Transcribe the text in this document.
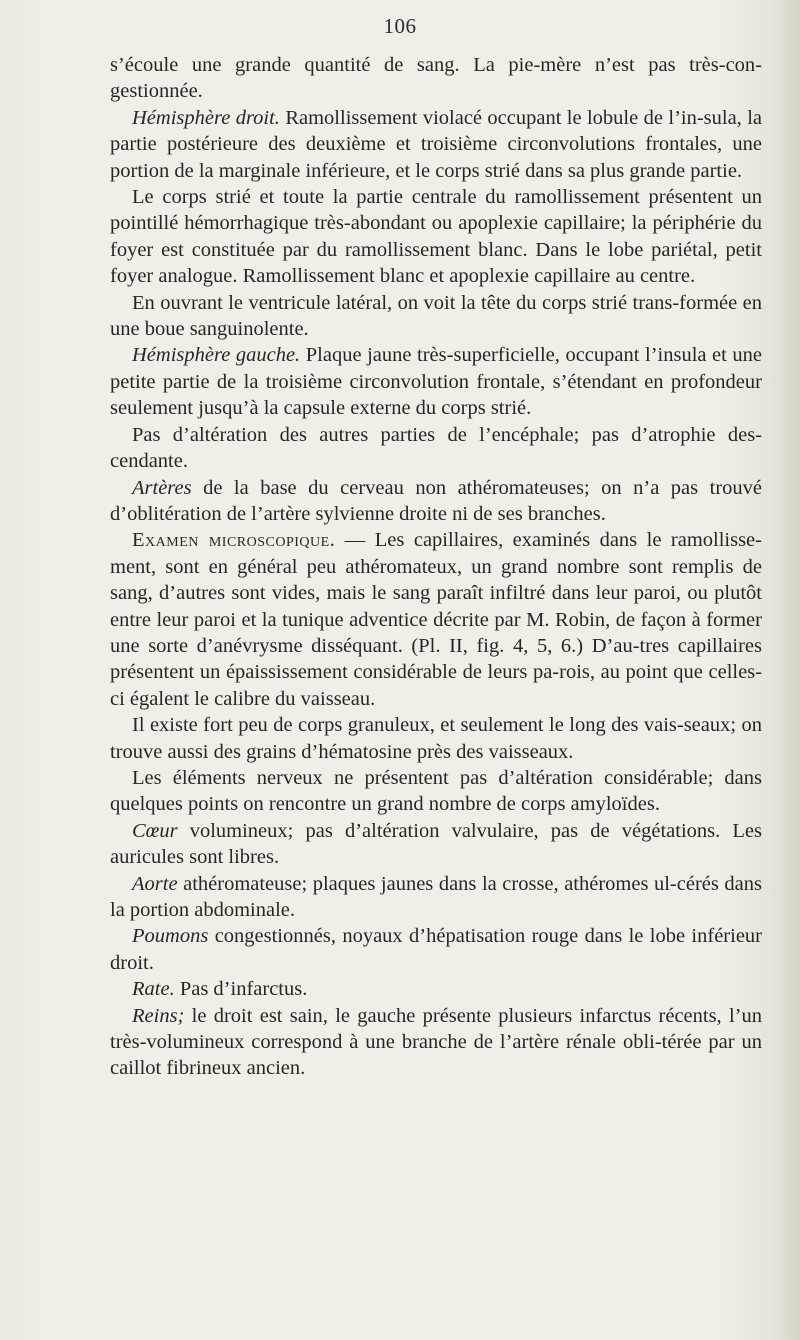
106

s’écoule une grande quantité de sang. La pie-mère n’est pas très-con-gestionnée.

Hémisphère droit. Ramollissement violacé occupant le lobule de l’in-sula, la partie postérieure des deuxième et troisième circonvolutions frontales, une portion de la marginale inférieure, et le corps strié dans sa plus grande partie.

Le corps strié et toute la partie centrale du ramollissement présentent un pointillé hémorrhagique très-abondant ou apoplexie capillaire; la périphérie du foyer est constituée par du ramollissement blanc. Dans le lobe pariétal, petit foyer analogue. Ramollissement blanc et apoplexie capillaire au centre.

En ouvrant le ventricule latéral, on voit la tête du corps strié trans-formée en une boue sanguinolente.

Hémisphère gauche. Plaque jaune très-superficielle, occupant l’insula et une petite partie de la troisième circonvolution frontale, s’étendant en profondeur seulement jusqu’à la capsule externe du corps strié.

Pas d’altération des autres parties de l’encéphale; pas d’atrophie des-cendante.

Artères de la base du cerveau non athéromateuses; on n’a pas trouvé d’oblitération de l’artère sylvienne droite ni de ses branches.

Examen microscopique. — Les capillaires, examinés dans le ramollisse-ment, sont en général peu athéromateux, un grand nombre sont remplis de sang, d’autres sont vides, mais le sang paraît infiltré dans leur paroi, ou plutôt entre leur paroi et la tunique adventice décrite par M. Robin, de façon à former une sorte d’anévrysme disséquant. (Pl. II, fig. 4, 5, 6.) D’au-tres capillaires présentent un épaississement considérable de leurs pa-rois, au point que celles-ci égalent le calibre du vaisseau.

Il existe fort peu de corps granuleux, et seulement le long des vais-seaux; on trouve aussi des grains d’hématosine près des vaisseaux.

Les éléments nerveux ne présentent pas d’altération considérable; dans quelques points on rencontre un grand nombre de corps amyloïdes.

Cœur volumineux; pas d’altération valvulaire, pas de végétations. Les auricules sont libres.

Aorte athéromateuse; plaques jaunes dans la crosse, athéromes ul-cérés dans la portion abdominale.

Poumons congestionnés, noyaux d’hépatisation rouge dans le lobe inférieur droit.

Rate. Pas d’infarctus.

Reins; le droit est sain, le gauche présente plusieurs infarctus récents, l’un très-volumineux correspond à une branche de l’artère rénale obli-térée par un caillot fibrineux ancien.
